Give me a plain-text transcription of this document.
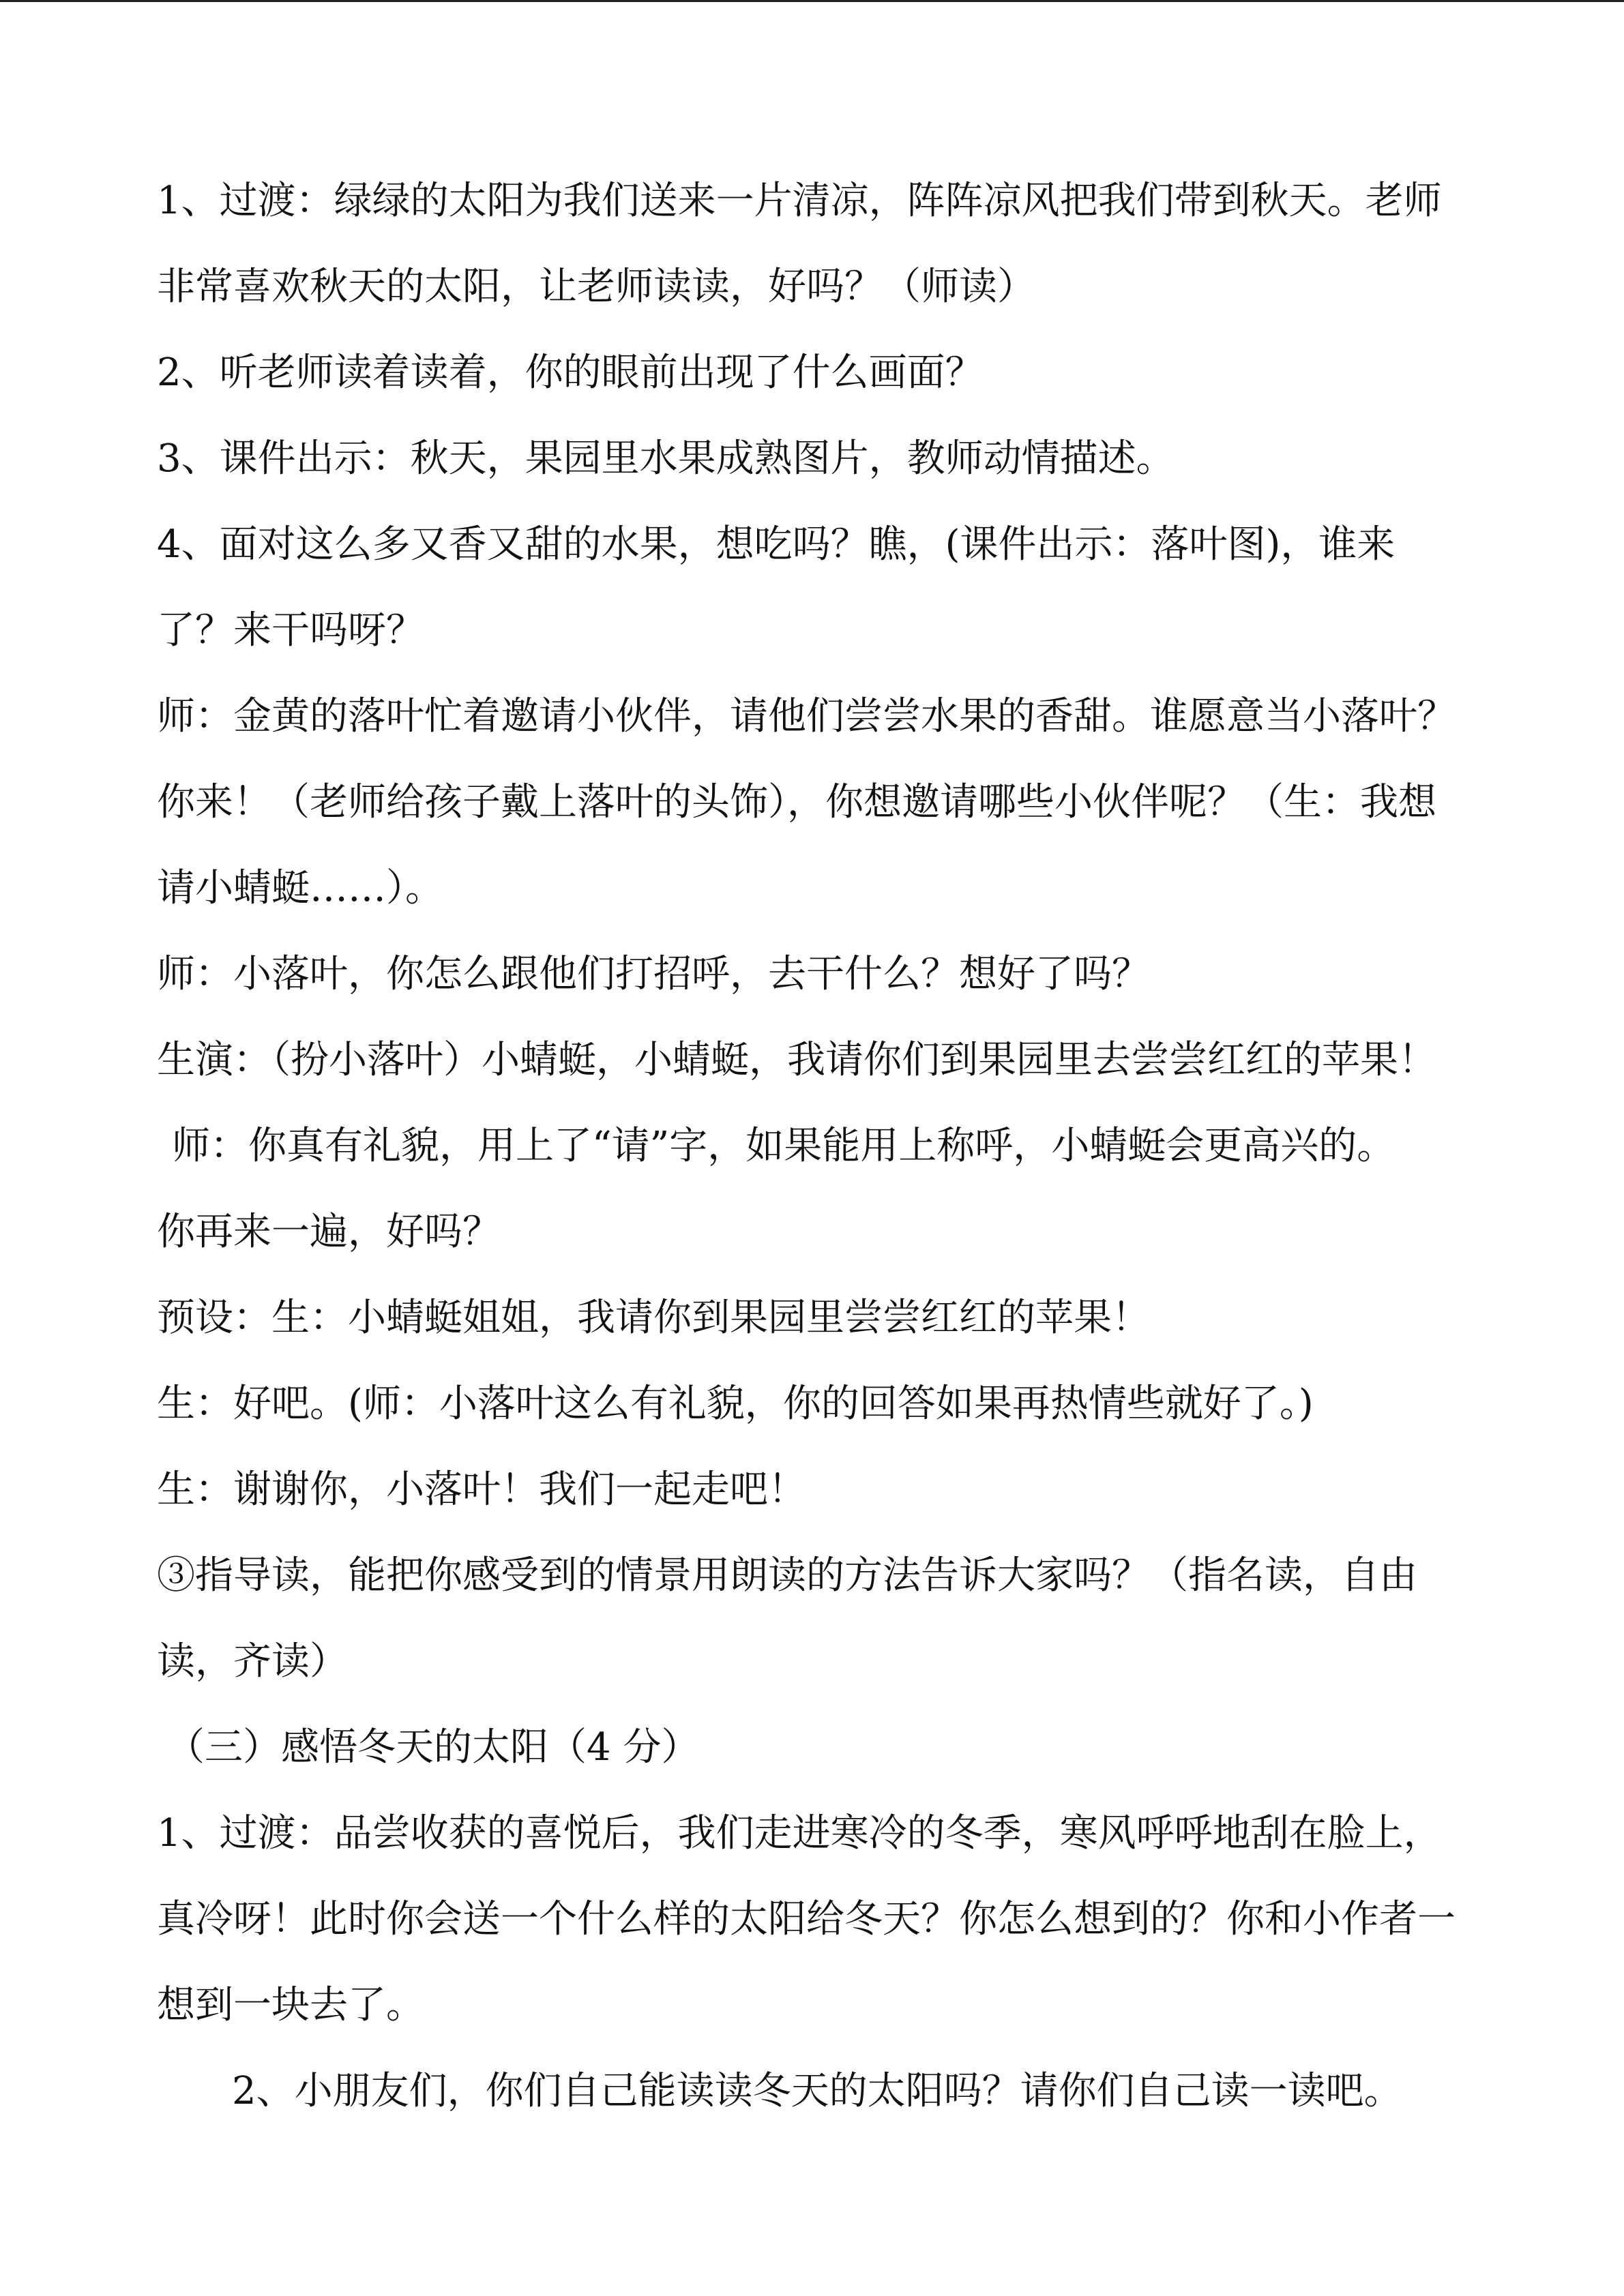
1、过渡：绿绿的太阳为我们送来一片清凉，阵阵凉风把我们带到秋天。老师
非常喜欢秋天的太阳，让老师读读，好吗？（师读）
2、听老师读着读着，你的眼前出现了什么画面？
3、课件出示：秋天，果园里水果成熟图片，教师动情描述。
4、面对这么多又香又甜的水果，想吃吗？瞧，(课件出示：落叶图)，谁来
了？来干吗呀？
师：金黄的落叶忙着邀请小伙伴，请他们尝尝水果的香甜。谁愿意当小落叶？
你来！（老师给孩子戴上落叶的头饰），你想邀请哪些小伙伴呢？（生：我想
请小蜻蜓……）。
师：小落叶，你怎么跟他们打招呼，去干什么？想好了吗？
生演：（扮小落叶）小蜻蜓，小蜻蜓，我请你们到果园里去尝尝红红的苹果！
师：你真有礼貌，用上了“请”字，如果能用上称呼，小蜻蜓会更高兴的。
你再来一遍，好吗？
预设：生：小蜻蜓姐姐，我请你到果园里尝尝红红的苹果！
生：好吧。(师：小落叶这么有礼貌，你的回答如果再热情些就好了。)
生：谢谢你，小落叶！我们一起走吧！
③指导读，能把你感受到的情景用朗读的方法告诉大家吗？（指名读，自由
读，齐读）
（三）感悟冬天的太阳（4 分）
1、过渡：品尝收获的喜悦后，我们走进寒冷的冬季，寒风呼呼地刮在脸上，
真冷呀！此时你会送一个什么样的太阳给冬天？你怎么想到的？你和小作者一
想到一块去了。
2、小朋友们，你们自己能读读冬天的太阳吗？请你们自己读一读吧。
